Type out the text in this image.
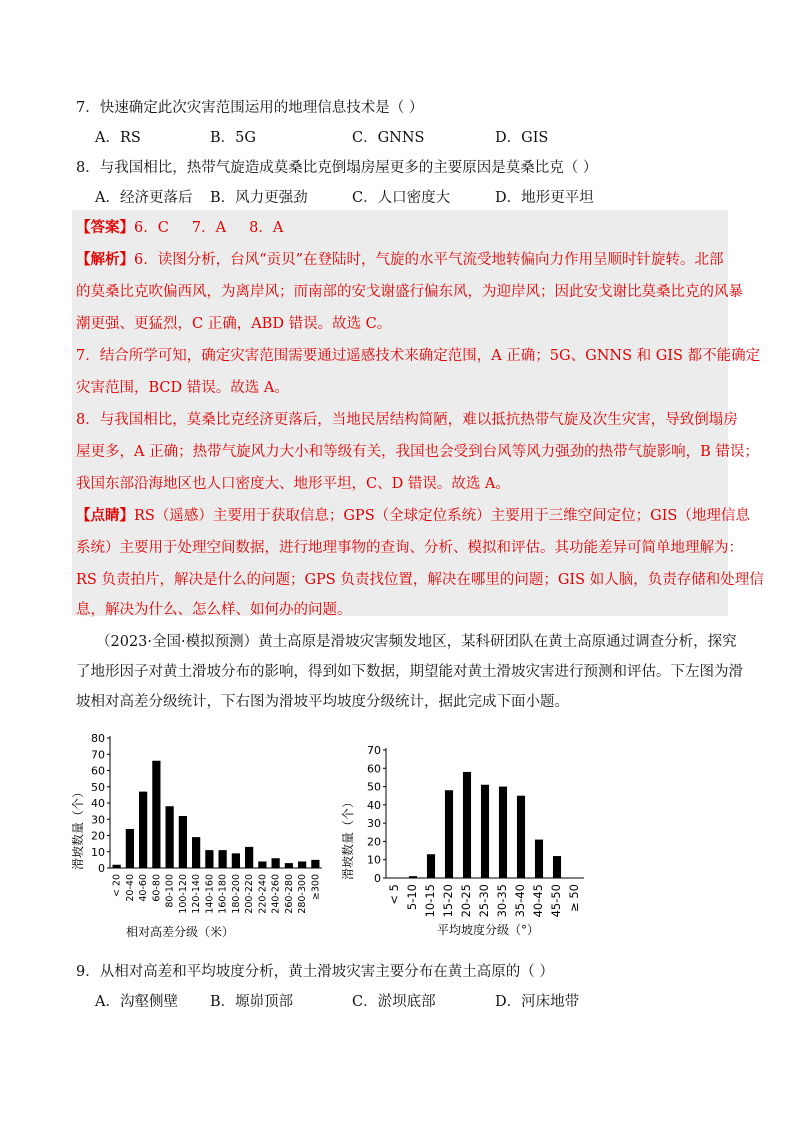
7．快速确定此次灾害范围运用的地理信息技术是（ ）
A．RS	B．5G	C．GNNS	D．GIS
8．与我国相比，热带气旋造成莫桑比克倒塌房屋更多的主要原因是莫桑比克（ ）
A．经济更落后 B．风力更强劲	C．人口密度大	D．地形更平坦
【答案】6．C     7．A     8．A
【解析】6．读图分析，台风“贡贝”在登陆时，气旋的水平气流受地转偏向力作用呈顺时针旋转。北部
的莫桑比克吹偏西风，为离岸风；而南部的安戈谢盛行偏东风，为迎岸风；因此安戈谢比莫桑比克的风暴
潮更强、更猛烈，C 正确，ABD 错误。故选 C。
7．结合所学可知，确定灾害范围需要通过遥感技术来确定范围，A 正确；5G、GNNS 和 GIS 都不能确定
灾害范围，BCD 错误。故选 A。
8．与我国相比，莫桑比克经济更落后，当地民居结构简陋，难以抵抗热带气旋及次生灾害，导致倒塌房
屋更多，A 正确；热带气旋风力大小和等级有关，我国也会受到台风等风力强劲的热带气旋影响，B 错误；
我国东部沿海地区也人口密度大、地形平坦，C、D 错误。故选 A。
【点睛】RS（遥感）主要用于获取信息；GPS（全球定位系统）主要用于三维空间定位；GIS（地理信息
系统）主要用于处理空间数据，进行地理事物的查询、分析、模拟和评估。其功能差异可简单地理解为：
RS 负责拍片，解决是什么的问题；GPS 负责找位置，解决在哪里的问题；GIS 如人脑，负责存储和处理信
息，解决为什么、怎么样、如何办的问题。
（2023·全国·模拟预测）黄土高原是滑坡灾害频发地区，某科研团队在黄土高原通过调查分析，探究
了地形因子对黄土滑坡分布的影响，得到如下数据，期望能对黄土滑坡灾害进行预测和评估。下左图为滑
坡相对高差分级统计，下右图为滑坡平均坡度分级统计，据此完成下面小题。
相对高差分级（米）
滑坡数量（个） 0
10
20
30
40
50
60
70
80
< 20 20-40 40-60 60-80 80-100 100-120 120-140 140-160 160-180 180-200 200-220 220-240 240-260 260-280 280-300 ≥300
平均坡度分级（°）
滑坡数量（个） 0
10
20
30
40
50
60
70
< 5 5-10 10-15 15-20 20-25 25-30 30-35 35-40 40-45 45-50 ≥ 50
9．从相对高差和平均坡度分析，黄土滑坡灾害主要分布在黄土高原的（ ）
A．沟壑侧壁 B．塬峁顶部	C．淤坝底部	D．河床地带
